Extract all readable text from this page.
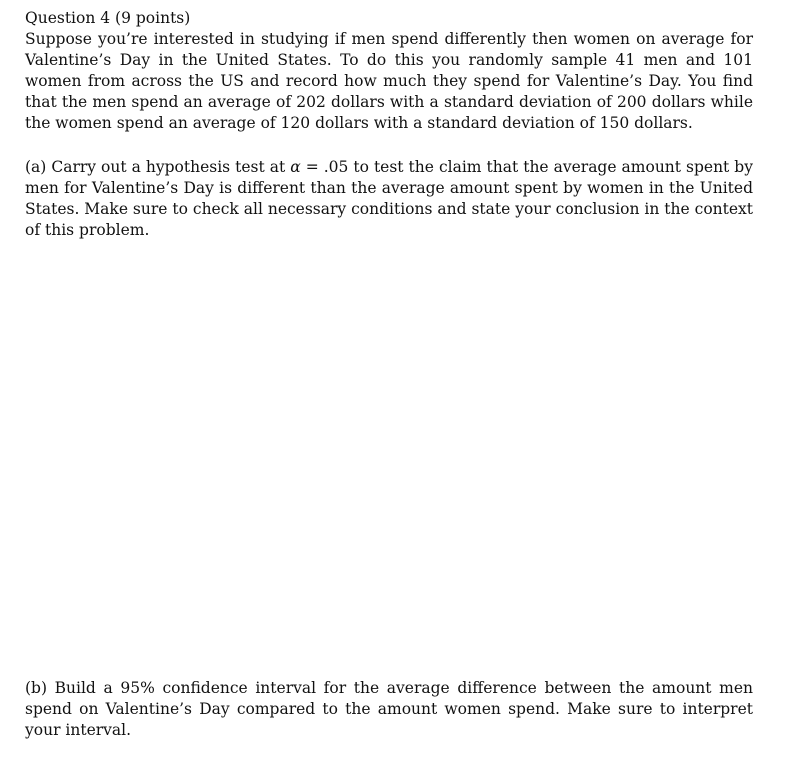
Question 4 (9 points)

Suppose you’re interested in studying if men spend differently then women on average for Valentine’s Day in the United States. To do this you randomly sample 41 men and 101 women from across the US and record how much they spend for Valentine’s Day. You find that the men spend an average of 202 dollars with a standard deviation of 200 dollars while the women spend an average of 120 dollars with a standard deviation of 150 dollars.

(a) Carry out a hypothesis test at α = .05 to test the claim that the average amount spent by men for Valentine’s Day is different than the average amount spent by women in the United States. Make sure to check all necessary conditions and state your conclusion in the context of this problem.

(b) Build a 95% confidence interval for the average difference between the amount men spend on Valentine’s Day compared to the amount women spend. Make sure to interpret your interval.
